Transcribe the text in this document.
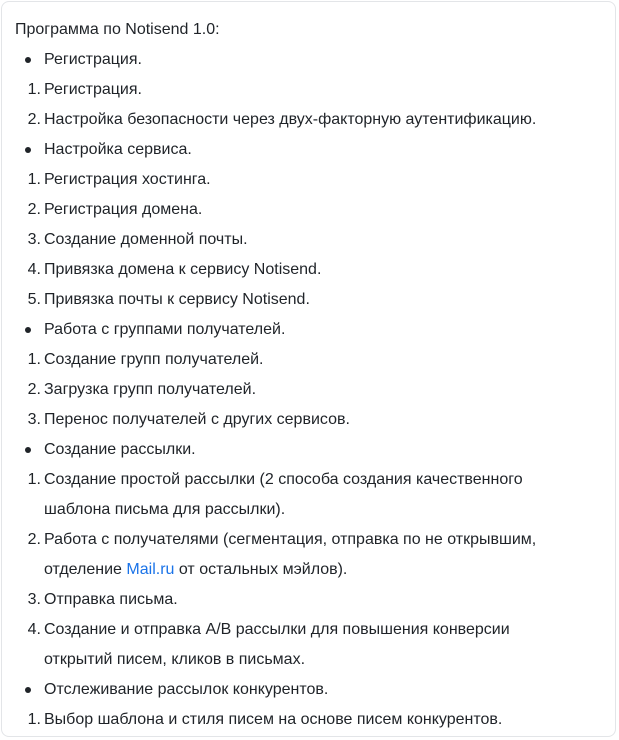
Программа по Notisend 1.0:
Регистрация.
1. Регистрация.
2. Настройка безопасности через двух-факторную аутентификацию.
Настройка сервиса.
1. Регистрация хостинга.
2. Регистрация домена.
3. Создание доменной почты.
4. Привязка домена к сервису Notisend.
5. Привязка почты к сервису Notisend.
Работа с группами получателей.
1. Создание групп получателей.
2. Загрузка групп получателей.
3. Перенос получателей с других сервисов.
Создание рассылки.
1. Создание простой рассылки (2 способа создания качественного
шаблона письма для рассылки).
2. Работа с получателями (сегментация, отправка по не открывшим,
отделение Mail.ru от остальных мэйлов).
3. Отправка письма.
4. Создание и отправка A/B рассылки для повышения конверсии
открытий писем, кликов в письмах.
Отслеживание рассылок конкурентов.
1. Выбор шаблона и стиля писем на основе писем конкурентов.
